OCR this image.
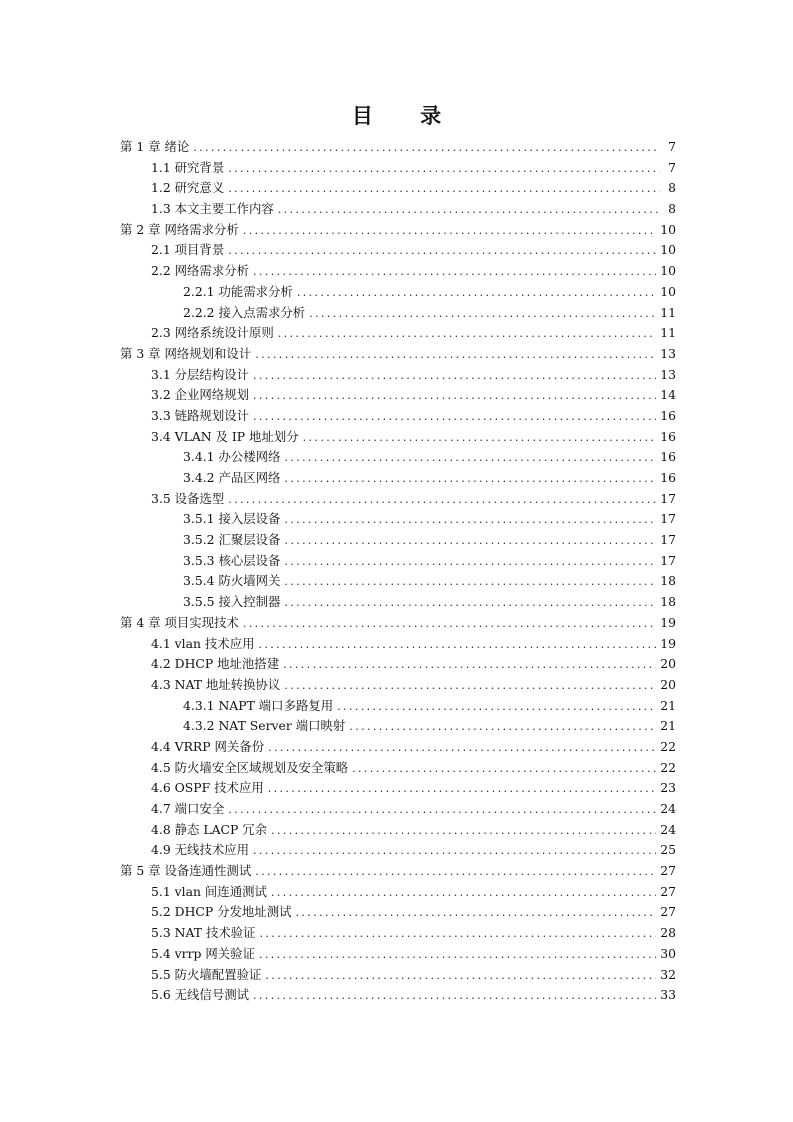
目 录
第 1 章 绪论 .....	7
1.1 研究背景 .....	7
1.2 研究意义 .....	8
1.3 本文主要工作内容 .....	8
第 2 章 网络需求分析 .....	10
2.1 项目背景 .....	10
2.2 网络需求分析 .....	10
2.2.1 功能需求分析 .....	10
2.2.2 接入点需求分析 .....	11
2.3 网络系统设计原则 .....	11
第 3 章 网络规划和设计 .....	13
3.1 分层结构设计 .....	13
3.2 企业网络规划 .....	14
3.3 链路规划设计 .....	16
3.4 VLAN 及 IP 地址划分 .....	16
3.4.1 办公楼网络 .....	16
3.4.2 产品区网络 .....	16
3.5 设备选型 .....	17
3.5.1 接入层设备 .....	17
3.5.2 汇聚层设备 .....	17
3.5.3 核心层设备 .....	17
3.5.4 防火墙网关 .....	18
3.5.5 接入控制器 .....	18
第 4 章 项目实现技术 .....	19
4.1 vlan 技术应用 .....	19
4.2 DHCP 地址池搭建 .....	20
4.3 NAT 地址转换协议 .....	20
4.3.1 NAPT 端口多路复用 .....	21
4.3.2 NAT Server 端口映射 .....	21
4.4 VRRP 网关备份 .....	22
4.5 防火墙安全区域规划及安全策略 .....	22
4.6 OSPF 技术应用 .....	23
4.7 端口安全 .....	24
4.8 静态 LACP 冗余 .....	24
4.9 无线技术应用 .....	25
第 5 章 设备连通性测试 .....	27
5.1 vlan 间连通测试 .....	27
5.2 DHCP 分发地址测试 .....	27
5.3 NAT 技术验证 .....	28
5.4 vrrp 网关验证 .....	30
5.5 防火墙配置验证 .....	32
5.6 无线信号测试 .....	33
